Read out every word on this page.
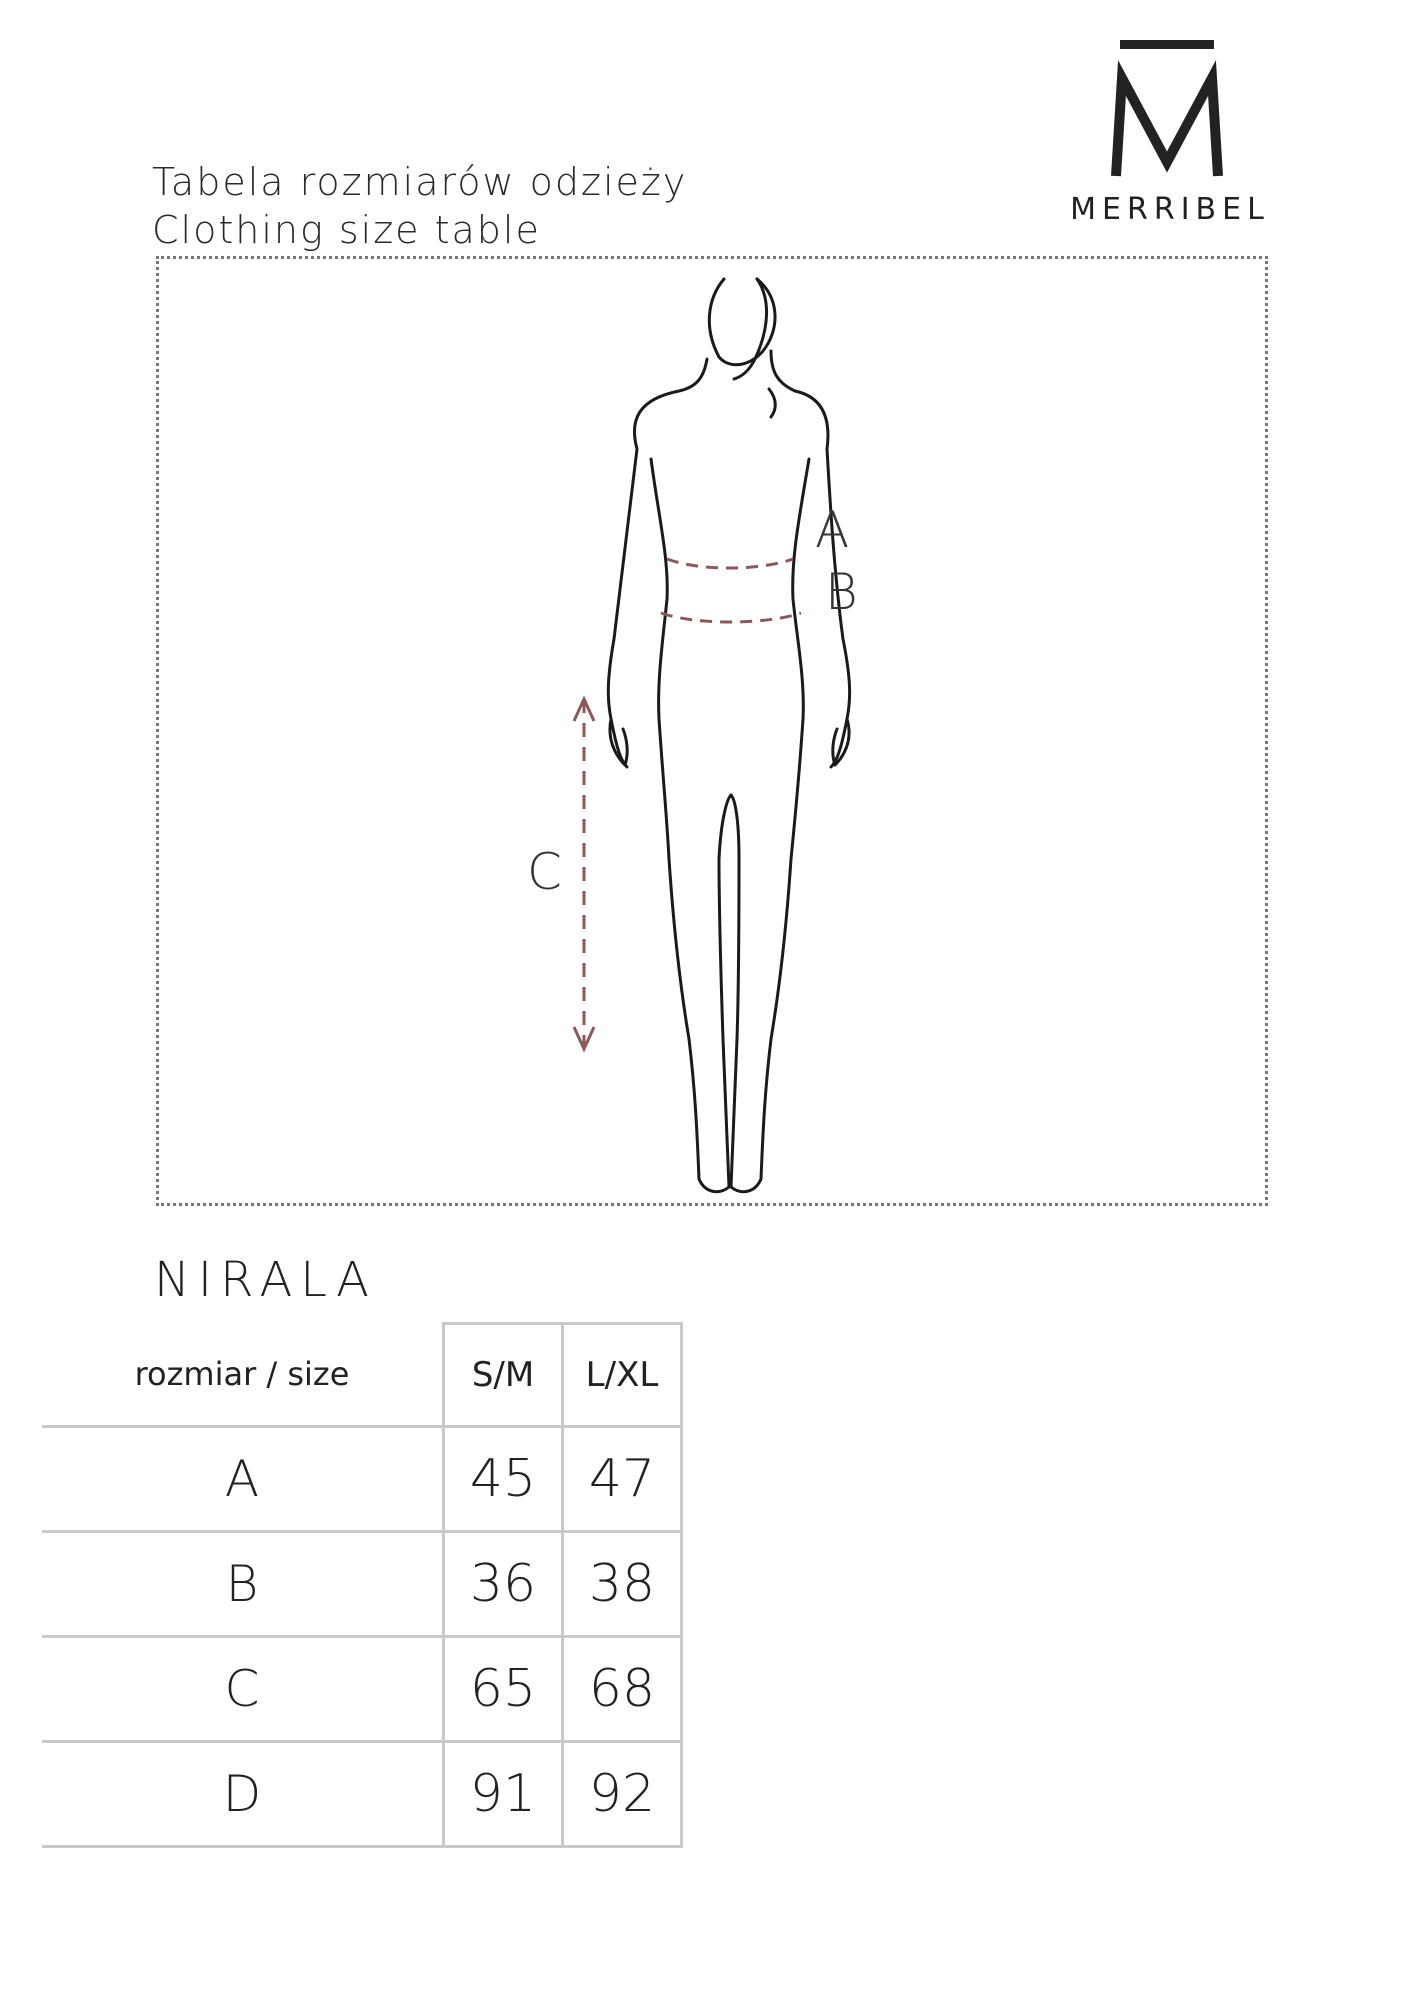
Tabela rozmiarów odzieży
Clothing size table	MERRIBEL
A
B
C
NIRALA
rozmiar / size	S/M	L/XL
A	45	47
B	36	38
C	65	68
D	91	92
